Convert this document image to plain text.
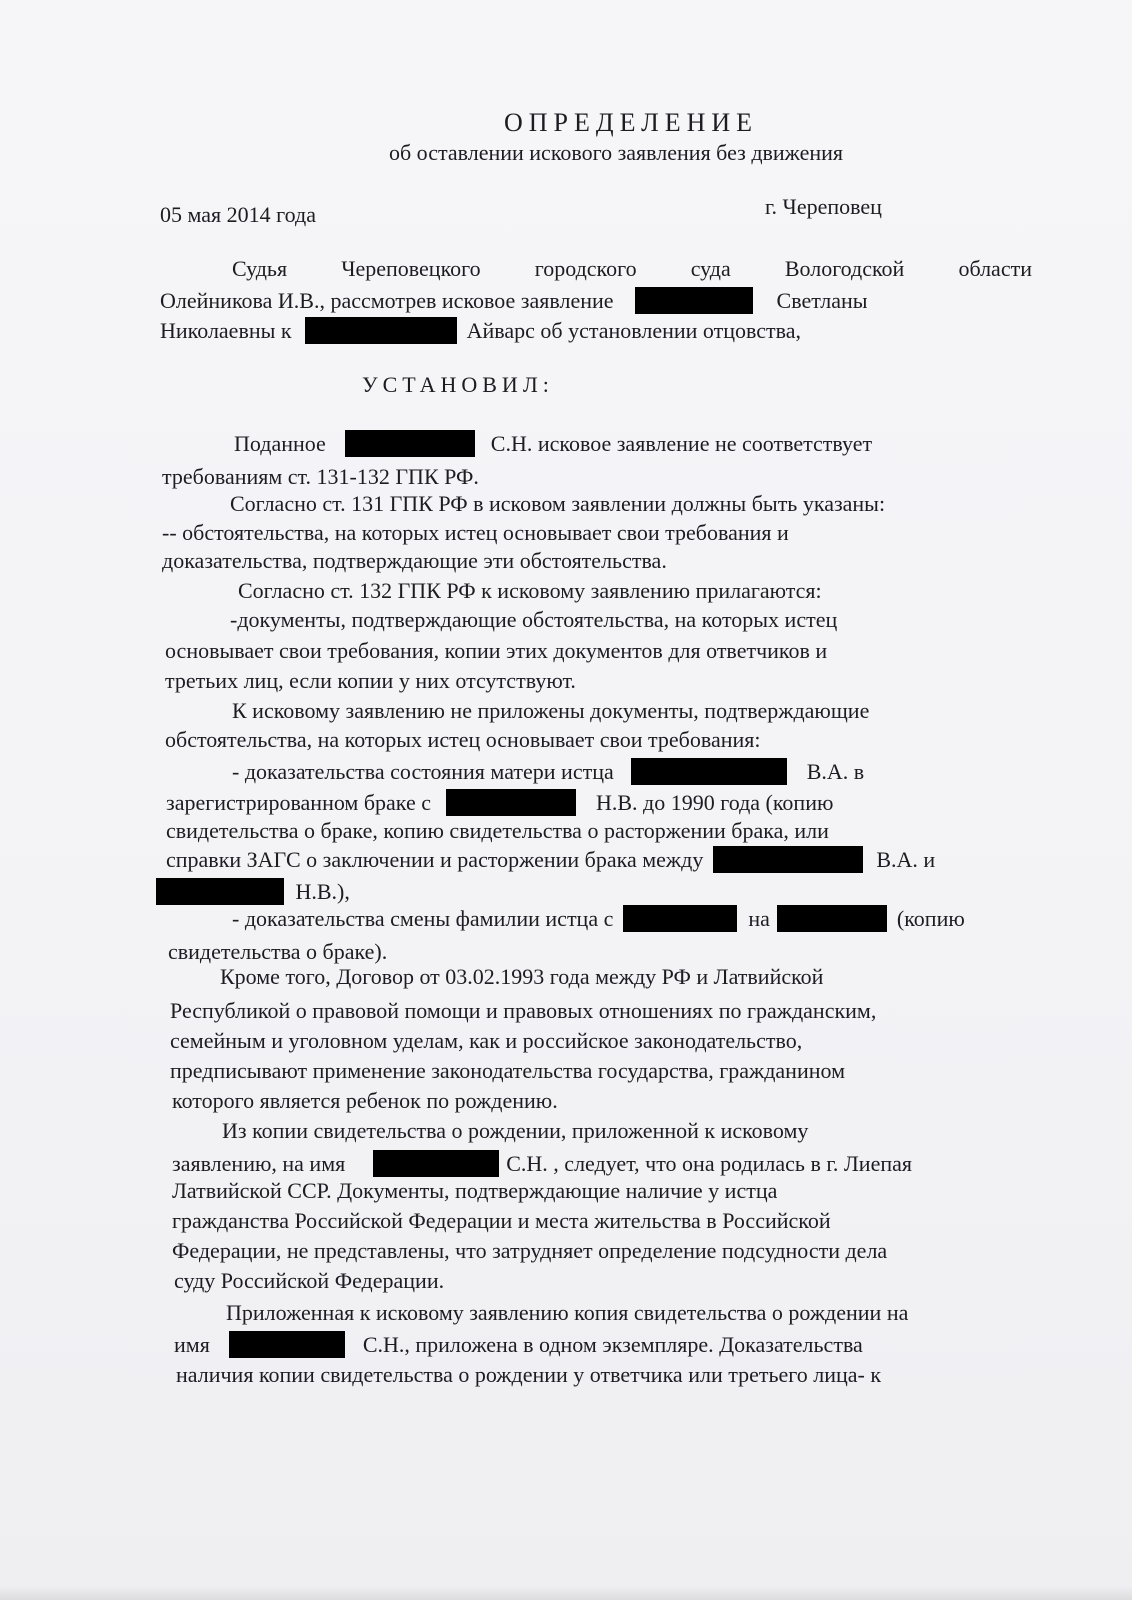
ОПРЕДЕЛЕНИЕ
об оставлении искового заявления без движения
05 мая 2014 года	г. Череповец
Судья Череповецкого городского суда Вологодской области
Олейникова И.В., рассмотрев исковое заявление	Светланы
Николаевны к	Айварс об установлении отцовства,
УСТАНОВИЛ:
Поданное	С.Н. исковое заявление не соответствует
требованиям ст. 131-132 ГПК РФ.
Согласно ст. 131 ГПК РФ в исковом заявлении должны быть указаны:
-- обстоятельства, на которых истец основывает свои требования и
доказательства, подтверждающие эти обстоятельства.
Согласно ст. 132 ГПК РФ к исковому заявлению прилагаются:
-документы, подтверждающие обстоятельства, на которых истец
основывает свои требования, копии этих документов для ответчиков и
третьих лиц, если копии у них отсутствуют.
К исковому заявлению не приложены документы, подтверждающие
обстоятельства, на которых истец основывает свои требования:
- доказательства состояния матери истца	В.А. в
зарегистрированном браке с	Н.В. до 1990 года (копию
свидетельства о браке, копию свидетельства о расторжении брака, или
справки ЗАГС о заключении и расторжении брака между	В.А. и
Н.В.),
- доказательства смены фамилии истца с	на	(копию
свидетельства о браке).
Кроме того, Договор от 03.02.1993 года между РФ и Латвийской
Республикой о правовой помощи и правовых отношениях по гражданским,
семейным и уголовном уделам, как и российское законодательство,
предписывают применение законодательства государства, гражданином
которого является ребенок по рождению.
Из копии свидетельства о рождении, приложенной к исковому
заявлению, на имя	С.Н. , следует, что она родилась в г. Лиепая
Латвийской ССР. Документы, подтверждающие наличие у истца
гражданства Российской Федерации и места жительства в Российской
Федерации, не представлены, что затрудняет определение подсудности дела
суду Российской Федерации.
Приложенная к исковому заявлению копия свидетельства о рождении на
имя	С.Н., приложена в одном экземпляре. Доказательства
наличия копии свидетельства о рождении у ответчика или третьего лица- к
